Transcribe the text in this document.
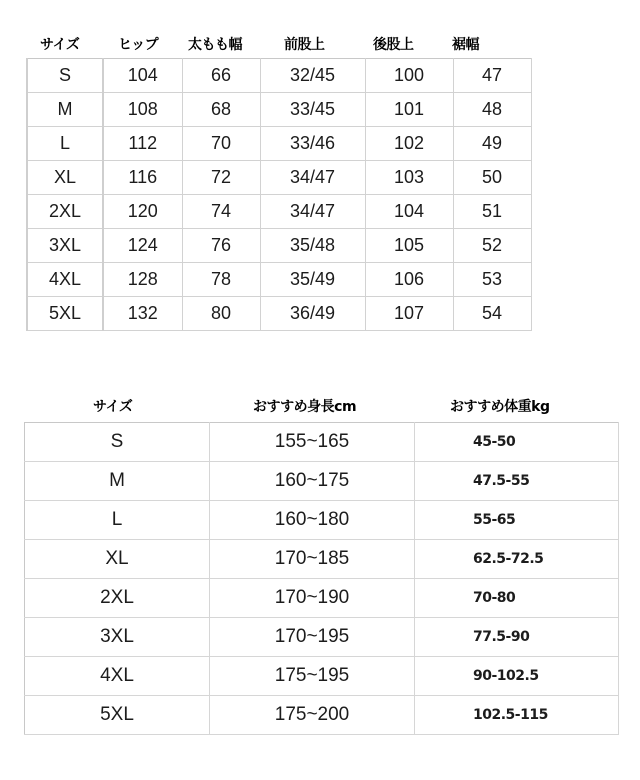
サイズ	ヒップ 太もも幅	前股上	後股上	裾幅
S	104	66	32/45	100	47
M	108	68	33/45	101	48
L	112	70	33/46	102	49
XL	116	72	34/47	103	50
2XL	120	74	34/47	104	51
3XL	124	76	35/48	105	52
4XL	128	78	35/49	106	53
5XL	132	80	36/49	107	54
サイズ	おすすめ身長cm	おすすめ体重kg
S	155~165	45-50
M	160~175	47.5-55
L	160~180	55-65
XL	170~185	62.5-72.5
2XL	170~190	70-80
3XL	170~195	77.5-90
4XL	175~195	90-102.5
5XL	175~200	102.5-115
